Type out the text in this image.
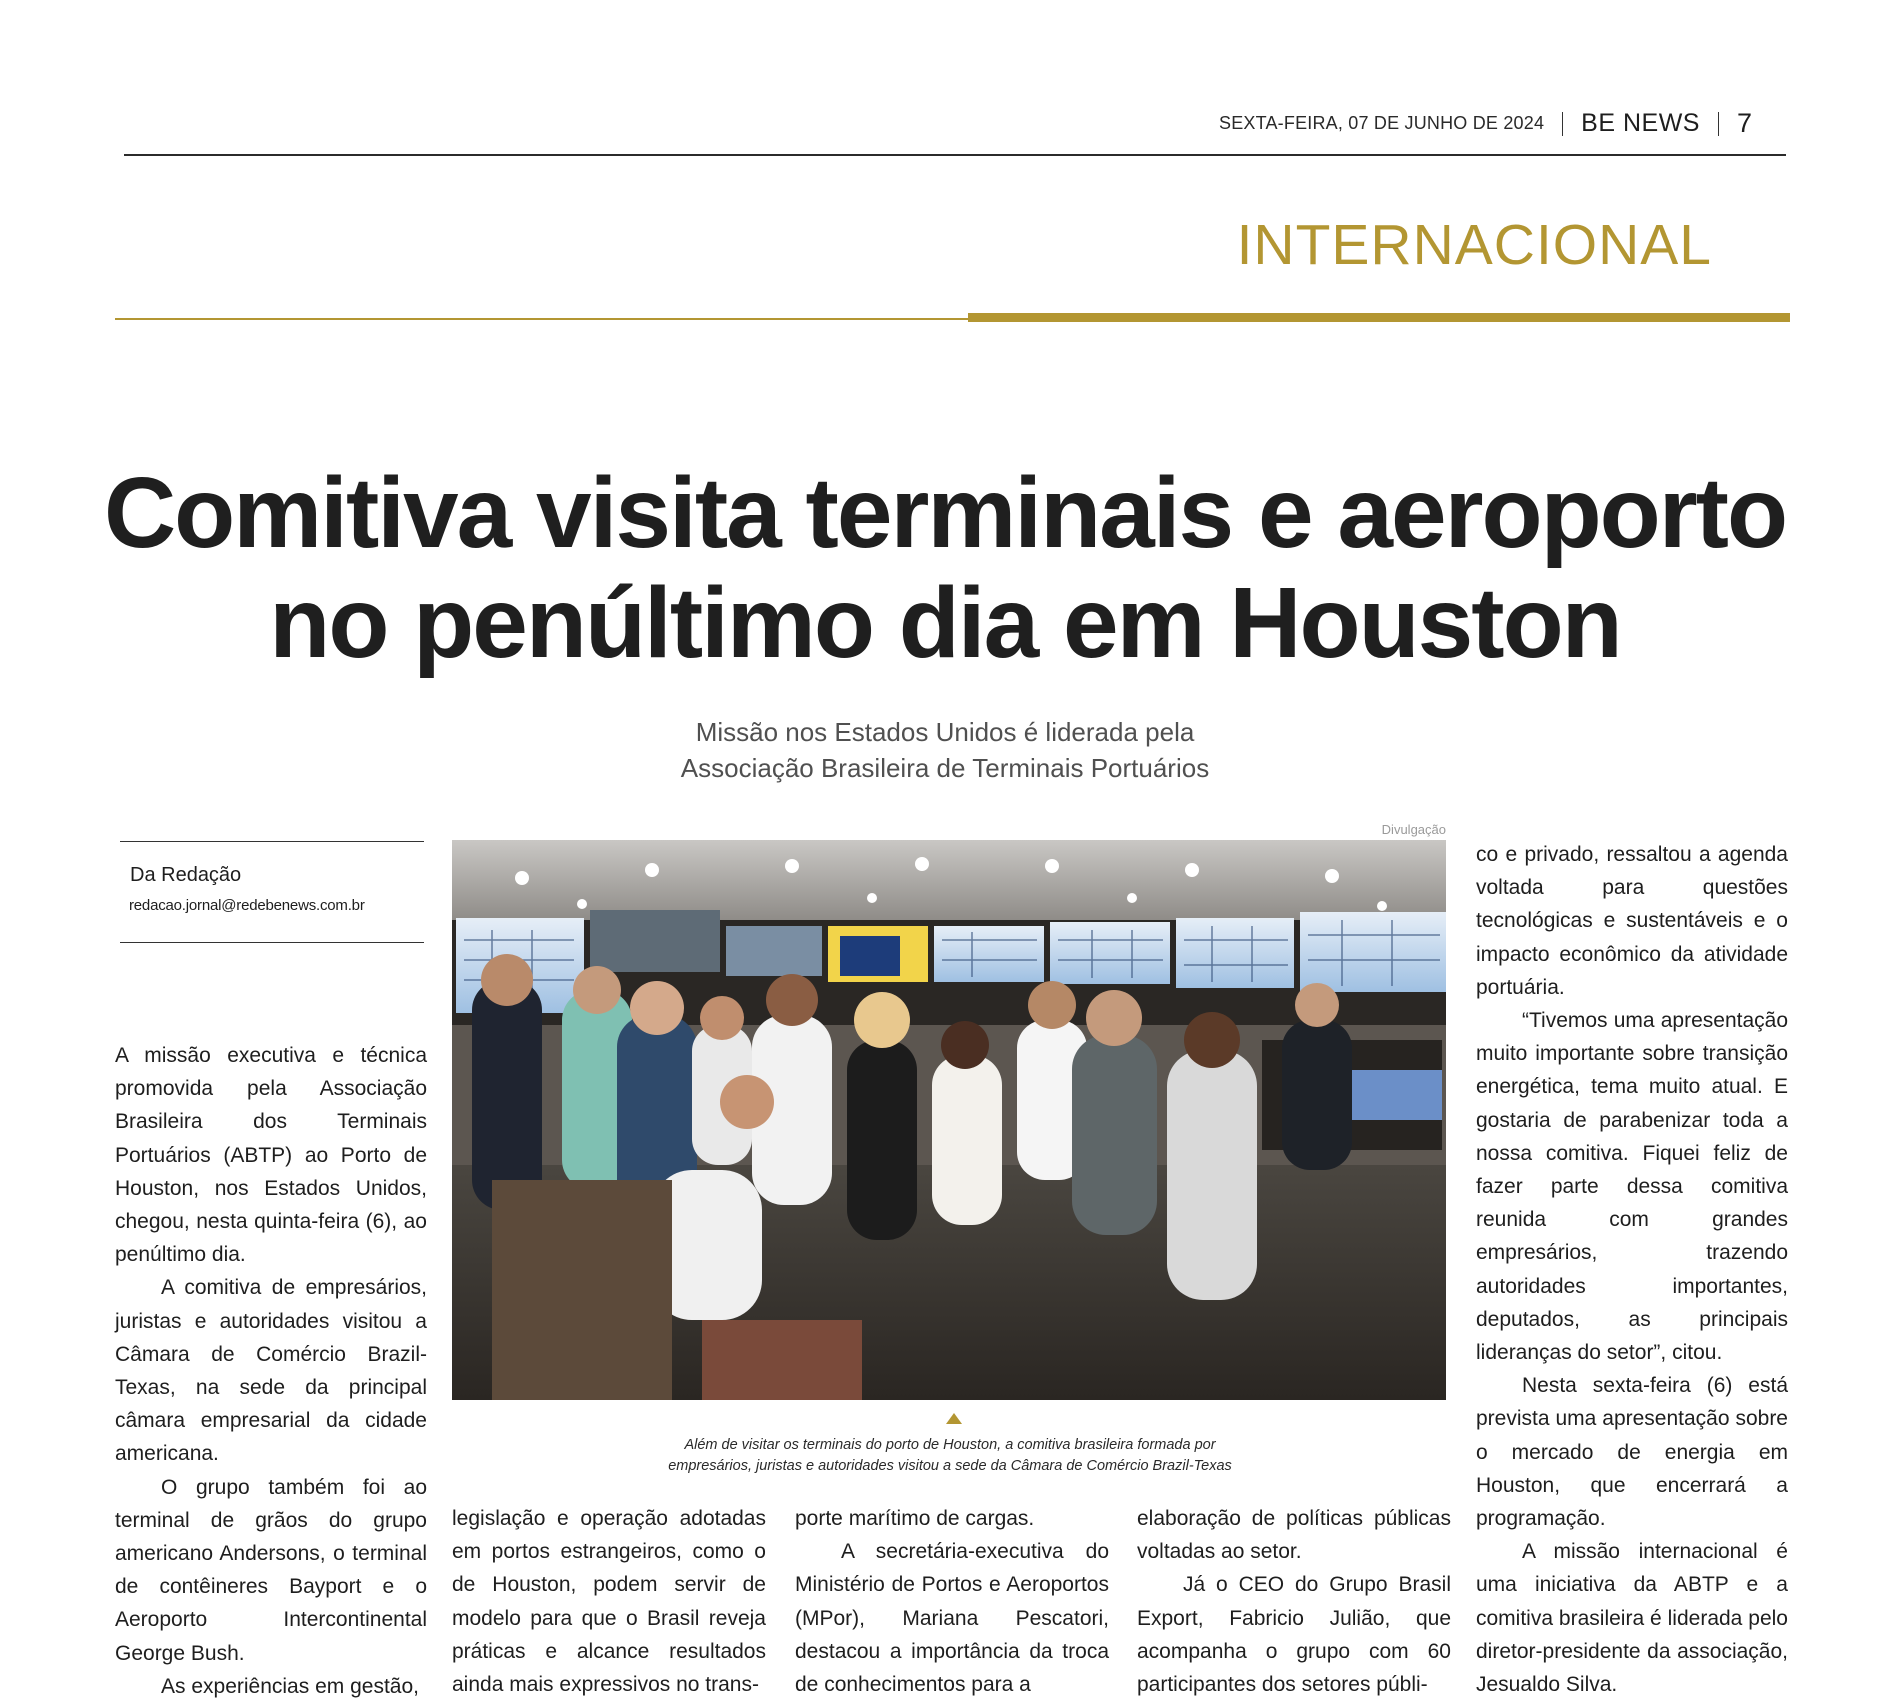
SEXTA-FEIRA, 07 DE JUNHO DE 2024 BE NEWS 7
INTERNACIONAL
Comitiva visita terminais e aeroporto
no penúltimo dia em Houston
Missão nos Estados Unidos é liderada pela
Associação Brasileira de Terminais Portuários
Da Redação
redacao.jornal@redebenews.com.br
Divulgação
Além de visitar os terminais do porto de Houston, a comitiva brasileira formada por
empresários, juristas e autoridades visitou a sede da Câmara de Comércio Brazil-Texas

A missão executiva e técnica promovida pela Associação Brasileira dos Terminais Portuários (ABTP) ao Porto de Houston, nos Estados Unidos, chegou, nesta quinta-feira (6), ao penúltimo dia.

A comitiva de empresários, juristas e autoridades visitou a Câmara de Comércio Brazil-Texas, na sede da principal câmara empresarial da cidade americana.

O grupo também foi ao terminal de grãos do grupo americano Andersons, o terminal de contêineres Bayport e o Aeroporto Intercontinental George Bush.

As experiências em gestão,

legislação e operação adotadas em portos estrangeiros, como o de Houston, podem servir de modelo para que o Brasil reveja práticas e alcance resultados ainda mais expressivos no trans-

porte marítimo de cargas.

A secretária-executiva do Ministério de Portos e Aeroportos (MPor), Mariana Pescatori, destacou a importância da troca de conhecimentos para a

elaboração de políticas públicas voltadas ao setor.

Já o CEO do Grupo Brasil Export, Fabricio Julião, que acompanha o grupo com 60 participantes dos setores públi-

co e privado, ressaltou a agenda voltada para questões tecnológicas e sustentáveis e o impacto econômico da atividade portuária.

“Tivemos uma apresentação muito importante sobre transição energética, tema muito atual. E gostaria de parabenizar toda a nossa comitiva. Fiquei feliz de fazer parte dessa comitiva reunida com grandes empresários, trazendo autoridades importantes, deputados, as principais lideranças do setor”, citou.

Nesta sexta-feira (6) está prevista uma apresentação sobre o mercado de energia em Houston, que encerrará a programação.

A missão internacional é uma iniciativa da ABTP e a comitiva brasileira é liderada pelo diretor-presidente da associação, Jesualdo Silva.
